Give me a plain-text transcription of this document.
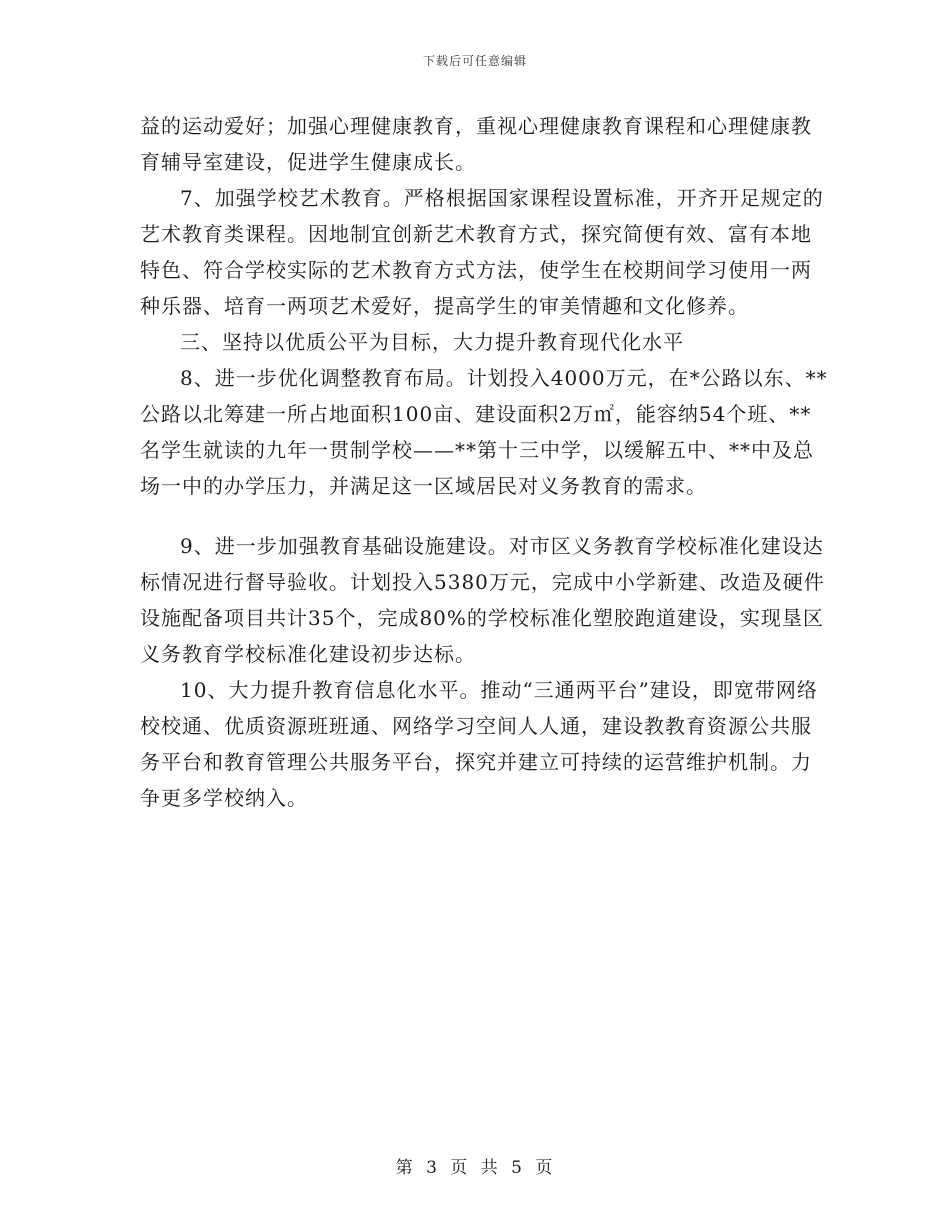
下载后可任意编辑

益的运动爱好；加强心理健康教育，重视心理健康教育课程和心理健康教育辅导室建设，促进学生健康成长。

7、加强学校艺术教育。严格根据国家课程设置标准，开齐开足规定的艺术教育类课程。因地制宜创新艺术教育方式，探究简便有效、富有本地特色、符合学校实际的艺术教育方式方法，使学生在校期间学习使用一两种乐器、培育一两项艺术爱好，提高学生的审美情趣和文化修养。

三、坚持以优质公平为目标，大力提升教育现代化水平

8、进一步优化调整教育布局。计划投入4000万元，在*公路以东、**公路以北筹建一所占地面积100亩、建设面积2万㎡，能容纳54个班、**名学生就读的九年一贯制学校——**第十三中学，以缓解五中、**中及总场一中的办学压力，并满足这一区域居民对义务教育的需求。

9、进一步加强教育基础设施建设。对市区义务教育学校标准化建设达标情况进行督导验收。计划投入5380万元，完成中小学新建、改造及硬件设施配备项目共计35个，完成80%的学校标准化塑胶跑道建设，实现垦区义务教育学校标准化建设初步达标。

10、大力提升教育信息化水平。推动“三通两平台”建设，即宽带网络校校通、优质资源班班通、网络学习空间人人通，建设教教育资源公共服务平台和教育管理公共服务平台，探究并建立可持续的运营维护机制。力争更多学校纳入。

第 3 页 共 5 页
